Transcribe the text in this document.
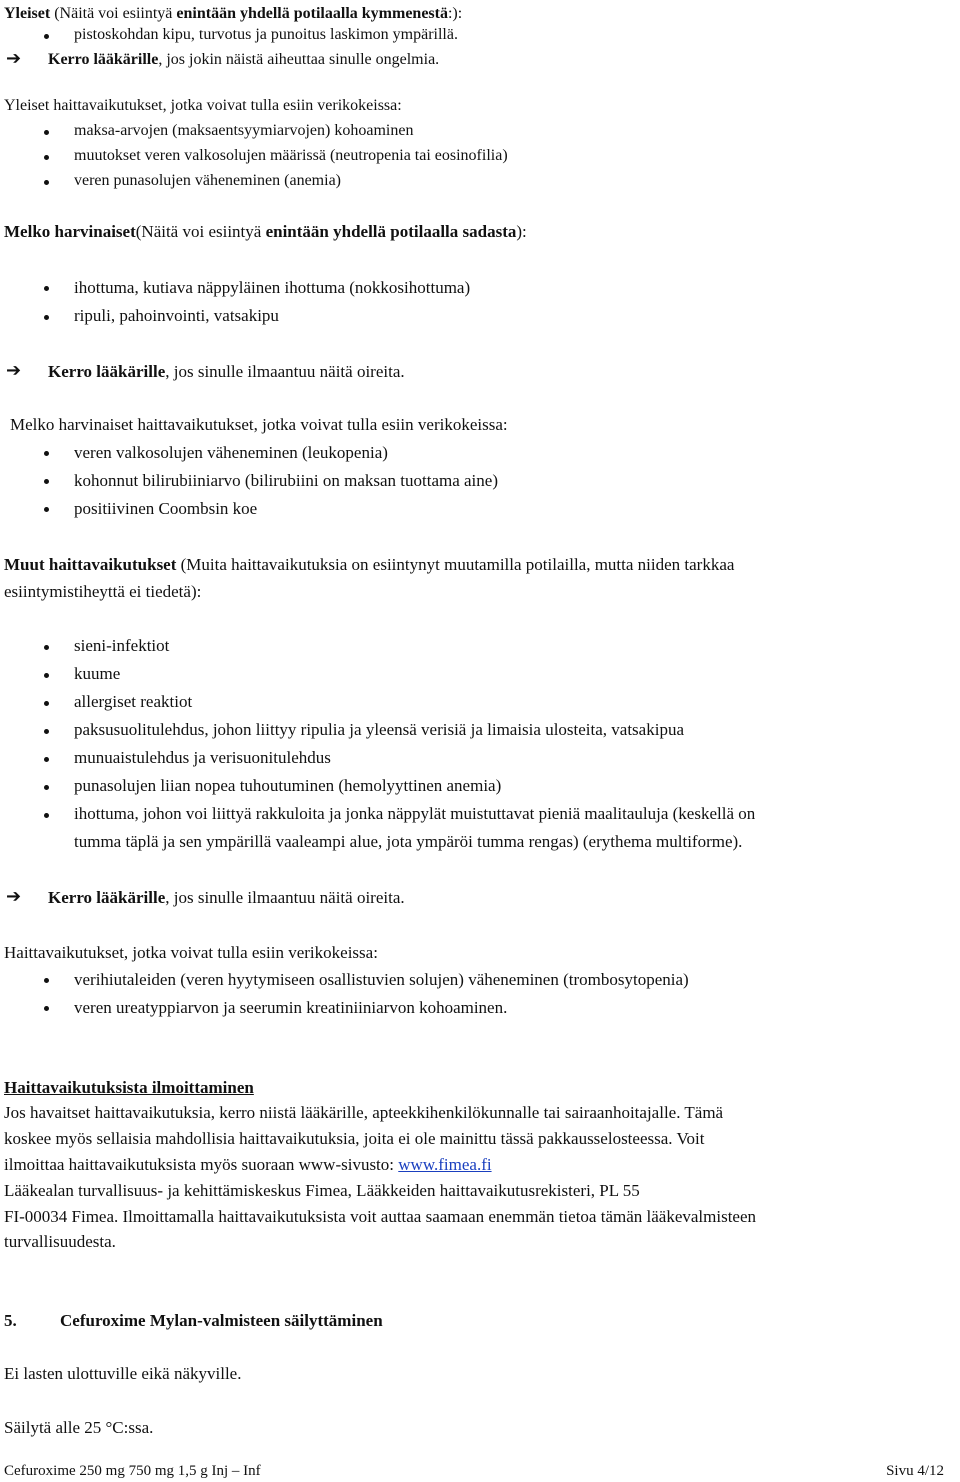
Yleiset (Näitä voi esiintyä enintään yhdellä potilaalla kymmenestä:):
pistoskohdan kipu, turvotus ja punoitus laskimon ympärillä.
➔ Kerro lääkärille, jos jokin näistä aiheuttaa sinulle ongelmia.
Yleiset haittavaikutukset, jotka voivat tulla esiin verikokeissa:
maksa-arvojen (maksaentsyymiarvojen) kohoaminen
muutokset veren valkosolujen määrissä (neutropenia tai eosinofilia)
veren punasolujen väheneminen (anemia)
Melko harvinaiset(Näitä voi esiintyä enintään yhdellä potilaalla sadasta):
ihottuma, kutiava näppyläinen ihottuma (nokkosihottuma)
ripuli, pahoinvointi, vatsakipu
➔ Kerro lääkärille, jos sinulle ilmaantuu näitä oireita.
Melko harvinaiset haittavaikutukset, jotka voivat tulla esiin verikokeissa:
veren valkosolujen väheneminen (leukopenia)
kohonnut bilirubiiniarvo (bilirubiini on maksan tuottama aine)
positiivinen Coombsin koe
Muut haittavaikutukset (Muita haittavaikutuksia on esiintynyt muutamilla potilailla, mutta niiden tarkkaa
esiintymistiheyttä ei tiedetä):
sieni-infektiot
kuume
allergiset reaktiot
paksusuolitulehdus, johon liittyy ripulia ja yleensä verisiä ja limaisia ulosteita, vatsakipua
munuaistulehdus ja verisuonitulehdus
punasolujen liian nopea tuhoutuminen (hemolyyttinen anemia)
ihottuma, johon voi liittyä rakkuloita ja jonka näppylät muistuttavat pieniä maalitauluja (keskellä on
tumma täplä ja sen ympärillä vaaleampi alue, jota ympäröi tumma rengas) (erythema multiforme).
➔ Kerro lääkärille, jos sinulle ilmaantuu näitä oireita.
Haittavaikutukset, jotka voivat tulla esiin verikokeissa:
verihiutaleiden (veren hyytymiseen osallistuvien solujen) väheneminen (trombosytopenia)
veren ureatyppiarvon ja seerumin kreatiniiniarvon kohoaminen.
Haittavaikutuksista ilmoittaminen
Jos havaitset haittavaikutuksia, kerro niistä lääkärille, apteekkihenkilökunnalle tai sairaanhoitajalle. Tämä
koskee myös sellaisia mahdollisia haittavaikutuksia, joita ei ole mainittu tässä pakkausselosteessa. Voit
ilmoittaa haittavaikutuksista myös suoraan www-sivusto: www.fimea.fi
Lääkealan turvallisuus- ja kehittämiskeskus Fimea, Lääkkeiden haittavaikutusrekisteri, PL 55
FI-00034 Fimea. Ilmoittamalla haittavaikutuksista voit auttaa saamaan enemmän tietoa tämän lääkevalmisteen
turvallisuudesta.
5.	Cefuroxime Mylan-valmisteen säilyttäminen
Ei lasten ulottuville eikä näkyville.
Säilytä alle 25 °C:ssa.
Cefuroxime 250 mg 750 mg 1,5 g Inj – Inf	Sivu 4/12
